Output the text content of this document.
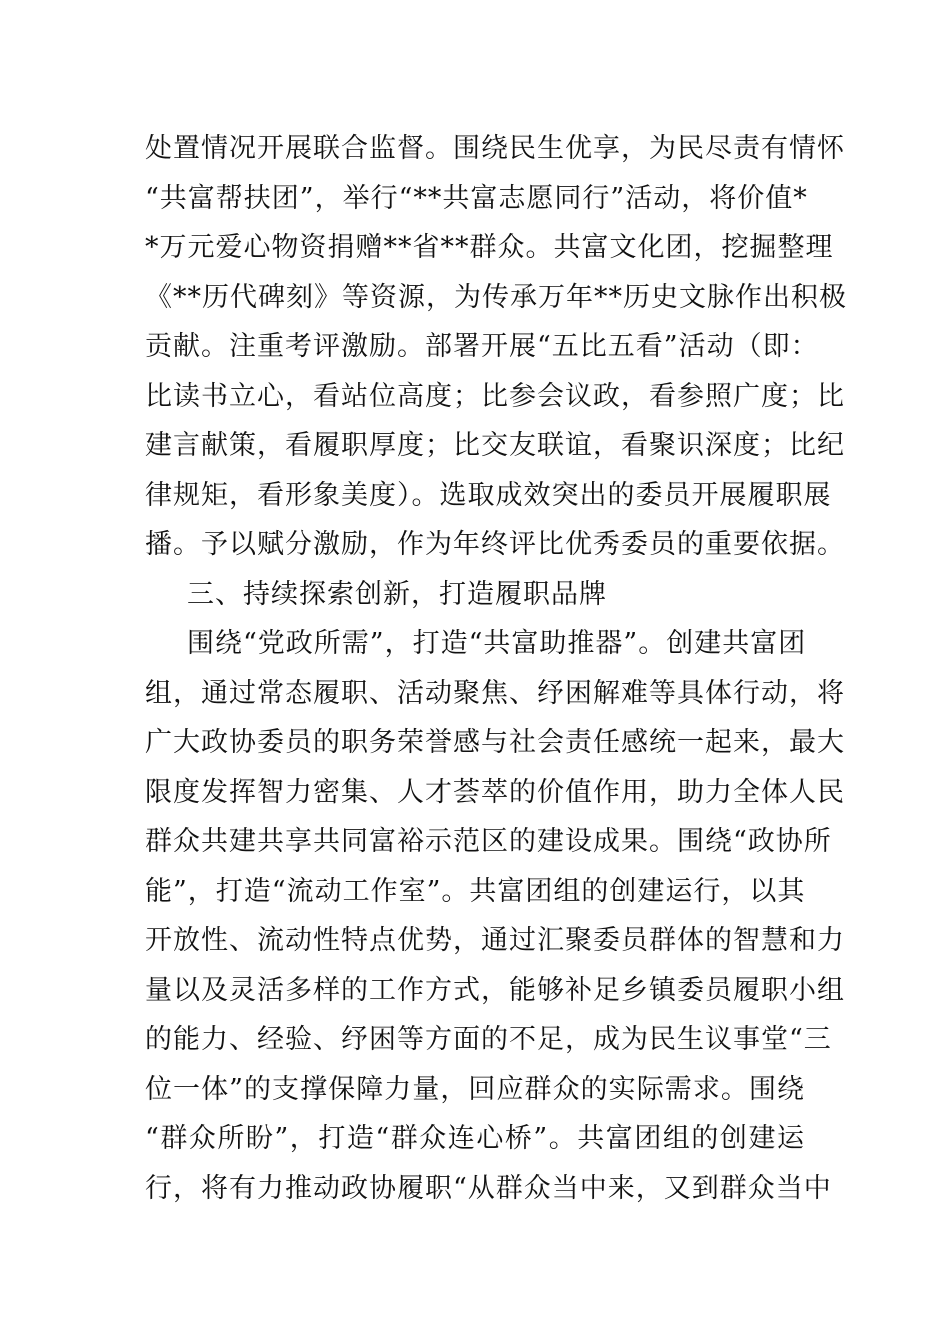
处置情况开展联合监督。围绕民生优享，为民尽责有情怀
“共富帮扶团”，举行“**共富志愿同行”活动，将价值*
*万元爱心物资捐赠**省**群众。共富文化团，挖掘整理
《**历代碑刻》等资源，为传承万年**历史文脉作出积极
贡献。注重考评激励。部署开展“五比五看”活动（即：
比读书立心，看站位高度；比参会议政，看参照广度；比
建言献策，看履职厚度；比交友联谊，看聚识深度；比纪
律规矩，看形象美度）。选取成效突出的委员开展履职展
播。予以赋分激励，作为年终评比优秀委员的重要依据。
三、持续探索创新，打造履职品牌
围绕“党政所需”，打造“共富助推器”。创建共富团
组，通过常态履职、活动聚焦、纾困解难等具体行动，将
广大政协委员的职务荣誉感与社会责任感统一起来，最大
限度发挥智力密集、人才荟萃的价值作用，助力全体人民
群众共建共享共同富裕示范区的建设成果。围绕“政协所
能”，打造“流动工作室”。共富团组的创建运行，以其
开放性、流动性特点优势，通过汇聚委员群体的智慧和力
量以及灵活多样的工作方式，能够补足乡镇委员履职小组
的能力、经验、纾困等方面的不足，成为民生议事堂“三
位一体”的支撑保障力量，回应群众的实际需求。围绕
“群众所盼”，打造“群众连心桥”。共富团组的创建运
行，将有力推动政协履职“从群众当中来，又到群众当中
